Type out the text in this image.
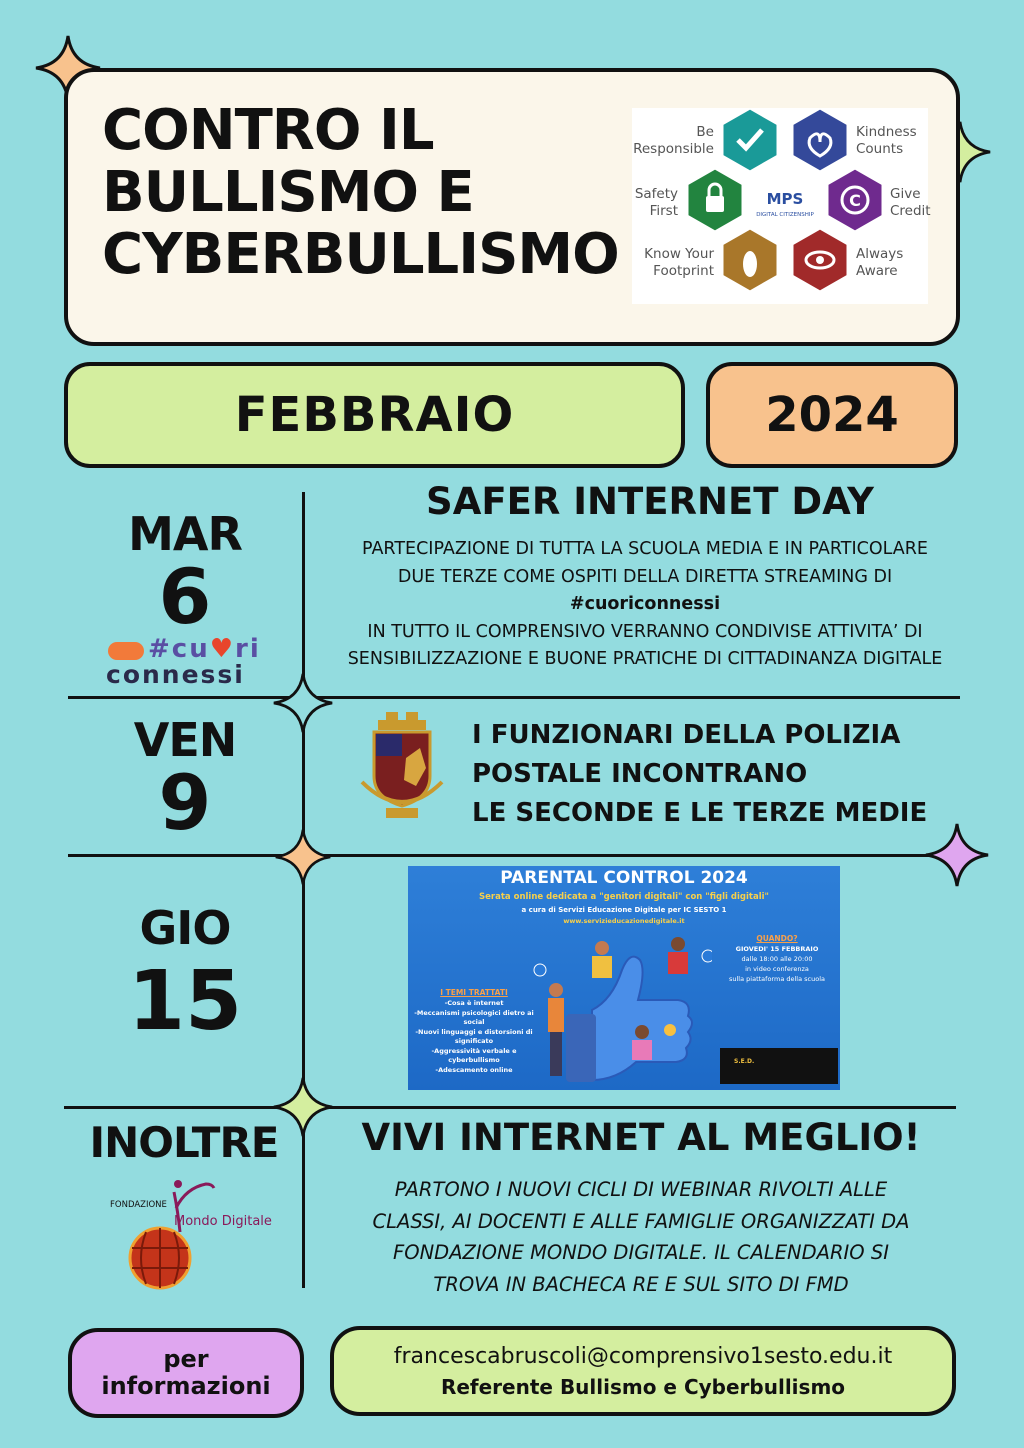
CONTRO IL
BULLISMO E
CYBERBULLISMO
C
MPS
DIGITAL CITIZENSHIP
Be
Responsible
Kindness
Counts
Safety
First
Give
Credit
Know Your
Footprint
Always
Aware
FEBBRAIO	2024
MAR
6
#cu♥ri
connessi
SAFER INTERNET DAY
PARTECIPAZIONE DI TUTTA LA SCUOLA MEDIA E IN PARTICOLARE
DUE TERZE COME OSPITI DELLA DIRETTA STREAMING DI
#cuoriconnessi
IN TUTTO IL COMPRENSIVO VERRANNO CONDIVISE ATTIVITA’ DI
SENSIBILIZZAZIONE E BUONE PRATICHE DI CITTADINANZA DIGITALE
VEN
9
I FUNZIONARI DELLA POLIZIA
POSTALE INCONTRANO
LE SECONDE E LE TERZE MEDIE
GIO
15
PARENTAL CONTROL 2024
Serata online dedicata a "genitori digitali" con "figli digitali"
a cura di Servizi Educazione Digitale per IC SESTO 1
www.servizieducazionedigitale.it
QUANDO?
GIOVEDI' 15 FEBBRAIO
dalle 18:00 alle 20:00
in video conferenza
sulla piattaforma della scuola
I TEMI TRATTATI
-Cosa è internet
-Meccanismi psicologici dietro ai
social
-Nuovi linguaggi e distorsioni di
significato
-Aggressività verbale e
cyberbullismo
-Adescamento online
S.E.D.
INOLTRE
FONDAZIONE
Mondo Digitale
VIVI INTERNET AL MEGLIO!
PARTONO I NUOVI CICLI DI WEBINAR RIVOLTI ALLE
CLASSI, AI DOCENTI E ALLE FAMIGLIE ORGANIZZATI DA
FONDAZIONE MONDO DIGITALE. IL CALENDARIO SI
TROVA IN BACHECA RE E SUL SITO DI FMD
per
informazioni
francescabruscoli@comprensivo1sesto.edu.it
Referente Bullismo e Cyberbullismo
